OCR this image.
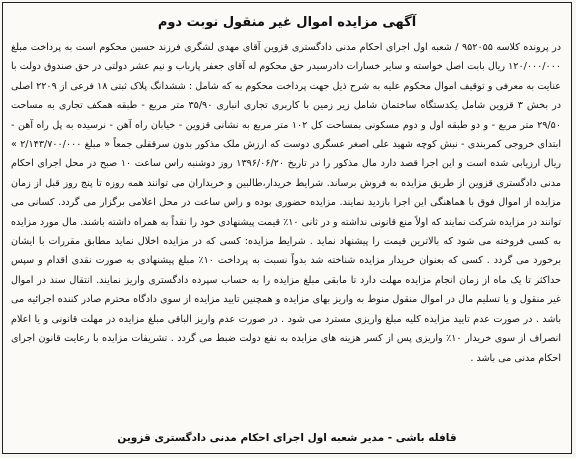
آگهی مزایده اموال غیر منقول نوبت دوم
در پرونده کلاسه ۹۵۲۰۵۵ / شعبه اول اجرای احکام مدنی دادگستری قزوین آقای مهدی لشگری فرزند حسین محکوم است به پرداخت مبلغ ۱۲۰/۰۰۰/۰۰۰ ریال بابت اصل خواسته و سایر خسارات دادرسیدر حق محکوم له آقای جعفر پارباب و نیم عشر دولتی در حق صندوق دولت با عنایت به معرفی و توقیف اموال محکوم علیه به شرح ذیل جهت پرداخت محکوم به که شامل : ششدانگ پلاک ثبتی ۱۸ فرعی از ۲۲۰۹ اصلی در بخش ۳ قزوین شامل یکدستگاه ساختمان شامل زیر زمین با کاربری تجاری انباری ۳۵/۹۰ متر مربع - طبقه همکف تجاری به مساحت ۲۹/۵۰ متر مربع - و دو طبقه اول و دوم مسکونی بمساحت کل ۱۰۲ متر مربع به نشانی قزوین - خیابان راه آهن - نرسیده به پل راه آهن - ابتدای خروجی کمربندی - نبش کوچه شهید علی اصغر عسگری دوست که ارزش ملک مذکور بدون سرقفلی جمعاً « مبلغ ۲/۱۴۳/۷۰۰/۰۰۰ » ریال ارزیابی شده است و این اجرا قصد دارد مال مذکور را در تاریخ ۱۳۹۶/۰۶/۲۰ روز دوشنبه راس ساعت ۱۰ صبح در محل اجرای احکام مدنی دادگستری قزوین از طریق مزایده به فروش برساند. شرایط خریدار،طالبین و خریداران می توانند همه روزه تا پنج روز قبل از زمان مزایده از اموال فوق با هماهنگی این اجرا بازدید نمایند. مزایده حضوری بوده و راس ساعت در محل اعلامی برگزار می گردد. کسانی می توانند در مزایده شرکت نمایند که اولاً منع قانونی نداشته و در ثانی ۱۰٪ قیمت پیشنهادی خود را نقداً به همراه داشته باشند. مال مورد مزایده به کسی فروخته می شود که بالاترین قیمت را پیشنهاد نماید . شرایط مزایده: کسی که در مزایده اخلال نماید مطابق مقررات با ایشان برخورد می گردد . کسی که بعنوان خریدار مزایده شناخته شد بدواً نسبت به پرداخت ۱۰٪ مبلغ پیشنهادی به صورت نقدی اقدام و سپس حداکثر تا یک ماه از زمان انجام مزایده مهلت دارد تا مابقی مبلغ مزایده را به حساب سپرده دادگستری واریز نمایند. انتقال سند در اموال غیر منقول و یا تسلیم مال در اموال منقول منوط به واریز بهای مزایده و همچنین تایید مزایده از سوی دادگاه محترم صادر کننده اجرائیه می باشد . در صورت عدم تایید مزایده کلیه مبلغ واریزی مسترد می شود . در صورت عدم واریز الباقی مبلغ مزایده در مهلت قانونی و یا اعلام انصراف از سوی خریدار ۱۰٪ واریزی پس از کسر هزینه های مزایده به نفع دولت ضبط می گردد . تشریفات مزایده با رعایت قانون اجرای احکام مدنی می باشد .
قافله باشی - مدیر شعبه اول اجرای احکام مدنی دادگستری قزوین
